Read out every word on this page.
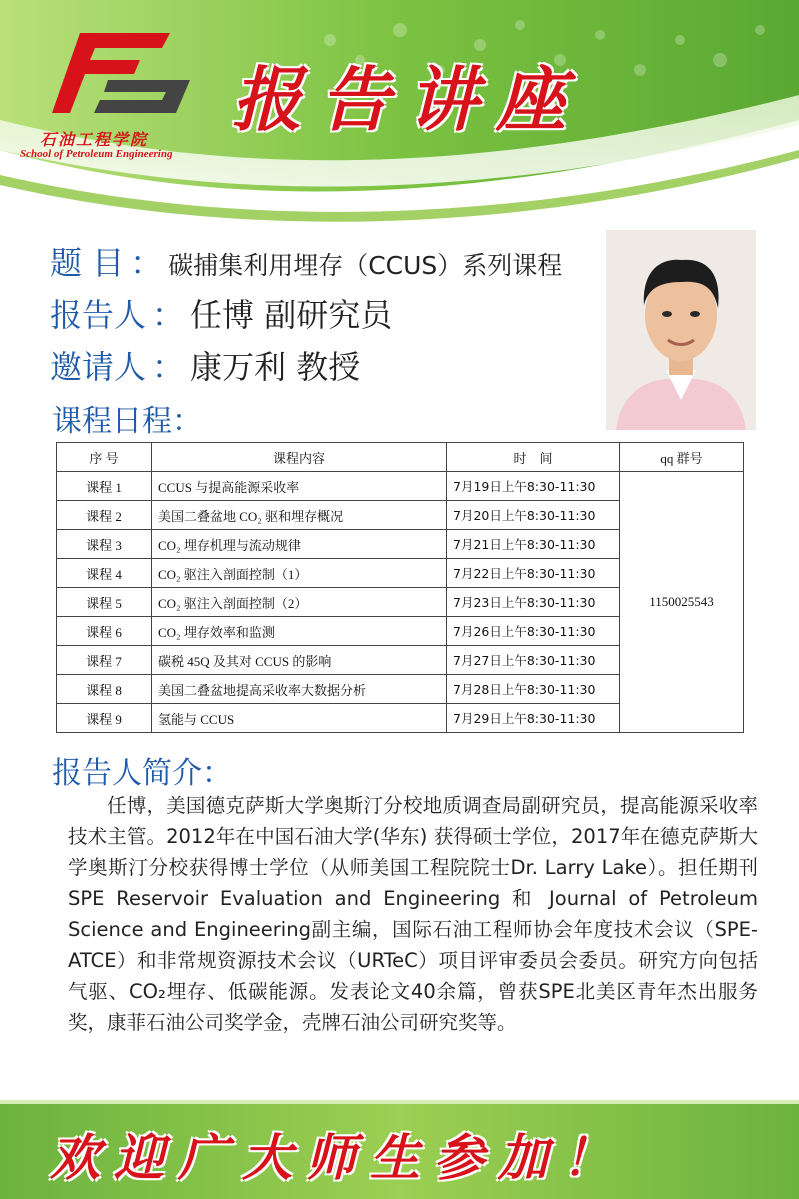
石油工程学院
School of Petroleum Engineering
报告讲座
题 目 ： 碳捕集利用埋存（CCUS）系列课程
报告人 ： 任博 副研究员
邀请人 ： 康万利 教授
课程日程：
序 号	课程内容	时　间	qq 群号
课程 1	CCUS 与提高能源采收率	7月19日上午8:30-11:30	1150025543
课程 2	美国二叠盆地 CO₂ 驱和埋存概况	7月20日上午8:30-11:30	
课程 3	CO₂ 埋存机理与流动规律	7月21日上午8:30-11:30	
课程 4	CO₂ 驱注入剖面控制（1）	7月22日上午8:30-11:30	
课程 5	CO₂ 驱注入剖面控制（2）	7月23日上午8:30-11:30	
课程 6	CO₂ 埋存效率和监测	7月26日上午8:30-11:30	
课程 7	碳税 45Q 及其对 CCUS 的影响	7月27日上午8:30-11:30	
课程 8	美国二叠盆地提高采收率大数据分析	7月28日上午8:30-11:30	
课程 9	氢能与 CCUS	7月29日上午8:30-11:30	
报告人简介：
任博，美国德克萨斯大学奥斯汀分校地质调查局副研究员，提高能源采收率技术主管。2012年在中国石油大学(华东) 获得硕士学位，2017年在德克萨斯大学奥斯汀分校获得博士学位（从师美国工程院院士Dr. Larry Lake）。担任期刊SPE Reservoir Evaluation and Engineering 和 Journal of Petroleum Science and Engineering副主编，国际石油工程师协会年度技术会议（SPE-ATCE）和非常规资源技术会议（URTeC）项目评审委员会委员。研究方向包括气驱、CO₂埋存、低碳能源。发表论文40余篇，曾获SPE北美区青年杰出服务奖，康菲石油公司奖学金，壳牌石油公司研究奖等。
欢迎广大师生参加！
